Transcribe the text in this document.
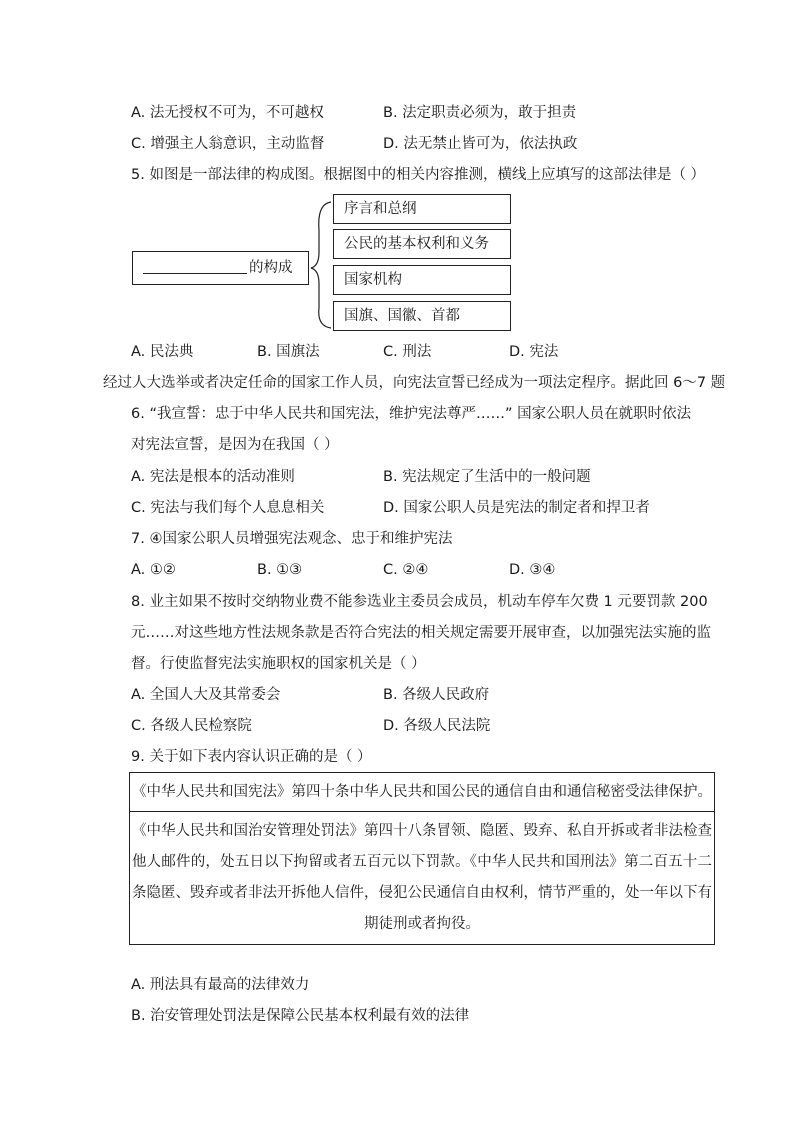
A. 法无授权不可为，不可越权	B. 法定职责必须为，敢于担责
C. 增强主人翁意识，主动监督	D. 法无禁止皆可为，依法执政
5. 如图是一部法律的构成图。根据图中的相关内容推测，横线上应填写的这部法律是（ ）
的构成
序言和总纲
公民的基本权利和义务
国家机构
国旗、国徽、首都
A. 民法典	B. 国旗法	C. 刑法	D. 宪法
经过人大选举或者决定任命的国家工作人员，向宪法宣誓已经成为一项法定程序。据此回 6～7 题
6. “我宣誓：忠于中华人民共和国宪法，维护宪法尊严……” 国家公职人员在就职时依法
对宪法宣誓，是因为在我国（ ）
A. 宪法是根本的活动准则	B. 宪法规定了生活中的一般问题
C. 宪法与我们每个人息息相关	D. 国家公职人员是宪法的制定者和捍卫者
7. ④国家公职人员增强宪法观念、忠于和维护宪法
A. ①②	B. ①③	C. ②④	D. ③④
8. 业主如果不按时交纳物业费不能参选业主委员会成员，机动车停车欠费 1 元要罚款 200
元……对这些地方性法规条款是否符合宪法的相关规定需要开展审查，以加强宪法实施的监
督。行使监督宪法实施职权的国家机关是（ ）
A. 全国人大及其常委会	B. 各级人民政府
C. 各级人民检察院	D. 各级人民法院
9. 关于如下表内容认识正确的是（ ）
《中华人民共和国宪法》第四十条中华人民共和国公民的通信自由和通信秘密受法律保护。
《中华人民共和国治安管理处罚法》第四十八条冒领、隐匿、毁弃、私自开拆或者非法检查他人邮件的，处五日以下拘留或者五百元以下罚款。《中华人民共和国刑法》第二百五十二条隐匿、毁弃或者非法开拆他人信件，侵犯公民通信自由权利，情节严重的，处一年以下有期徒刑或者拘役。
A. 刑法具有最高的法律效力
B. 治安管理处罚法是保障公民基本权利最有效的法律
